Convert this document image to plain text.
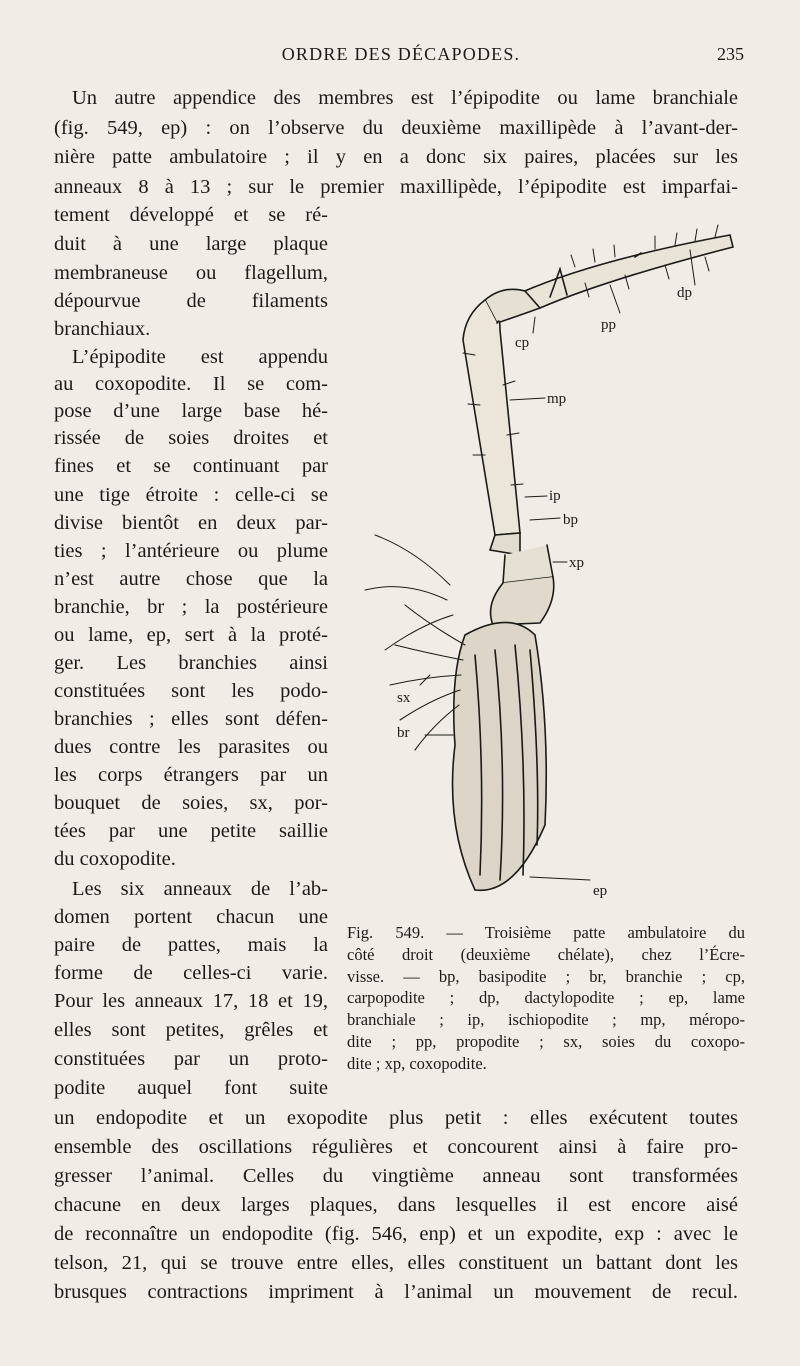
ORDRE DES DÉCAPODES.	235
Un autre appendice des membres est l’épipodite ou lame branchiale
(fig. 549, ep) : on l’observe du deuxième maxillipède à l’avant-der-
nière patte ambulatoire ; il y en a donc six paires, placées sur les
anneaux 8 à 13 ; sur le premier maxillipède, l’épipodite est imparfai-
tement développé et se ré-
duit à une large plaque
membraneuse ou flagellum,
dépourvue de filaments
branchiaux.
L’épipodite est appendu
au coxopodite. Il se com-
pose d’une large base hé-
rissée de soies droites et
fines et se continuant par
une tige étroite : celle-ci se
divise bientôt en deux par-
ties ; l’antérieure ou plume
n’est autre chose que la
branchie, br ; la postérieure
ou lame, ep, sert à la proté-
ger. Les branchies ainsi
constituées sont les podo-
branchies ; elles sont défen-
dues contre les parasites ou
les corps étrangers par un
bouquet de soies, sx, por-
tées par une petite saillie
du coxopodite.
Les six anneaux de l’ab-
domen portent chacun une
paire de pattes, mais la
forme de celles-ci varie.
Pour les anneaux 17, 18 et 19,
elles sont petites, grêles et
constituées par un proto-
podite auquel font suite
un endopodite et un exopodite plus petit : elles exécutent toutes
ensemble des oscillations régulières et concourent ainsi à faire pro-
gresser l’animal. Celles du vingtième anneau sont transformées
chacune en deux larges plaques, dans lesquelles il est encore aisé
de reconnaître un endopodite (fig. 546, enp) et un expodite, exp : avec le
telson, 21, qui se trouve entre elles, elles constituent un battant dont les
brusques contractions impriment à l’animal un mouvement de recul.
dp
pp
cp
mp
ip
bp
xp
sx
br
ep
Fig. 549. — Troisième patte ambulatoire du
côté droit (deuxième chélate), chez l’Écre-
visse. — bp, basipodite ; br, branchie ; cp,
carpopodite ; dp, dactylopodite ; ep, lame
branchiale ; ip, ischiopodite ; mp, méropo-
dite ; pp, propodite ; sx, soies du coxopo-
dite ; xp, coxopodite.
